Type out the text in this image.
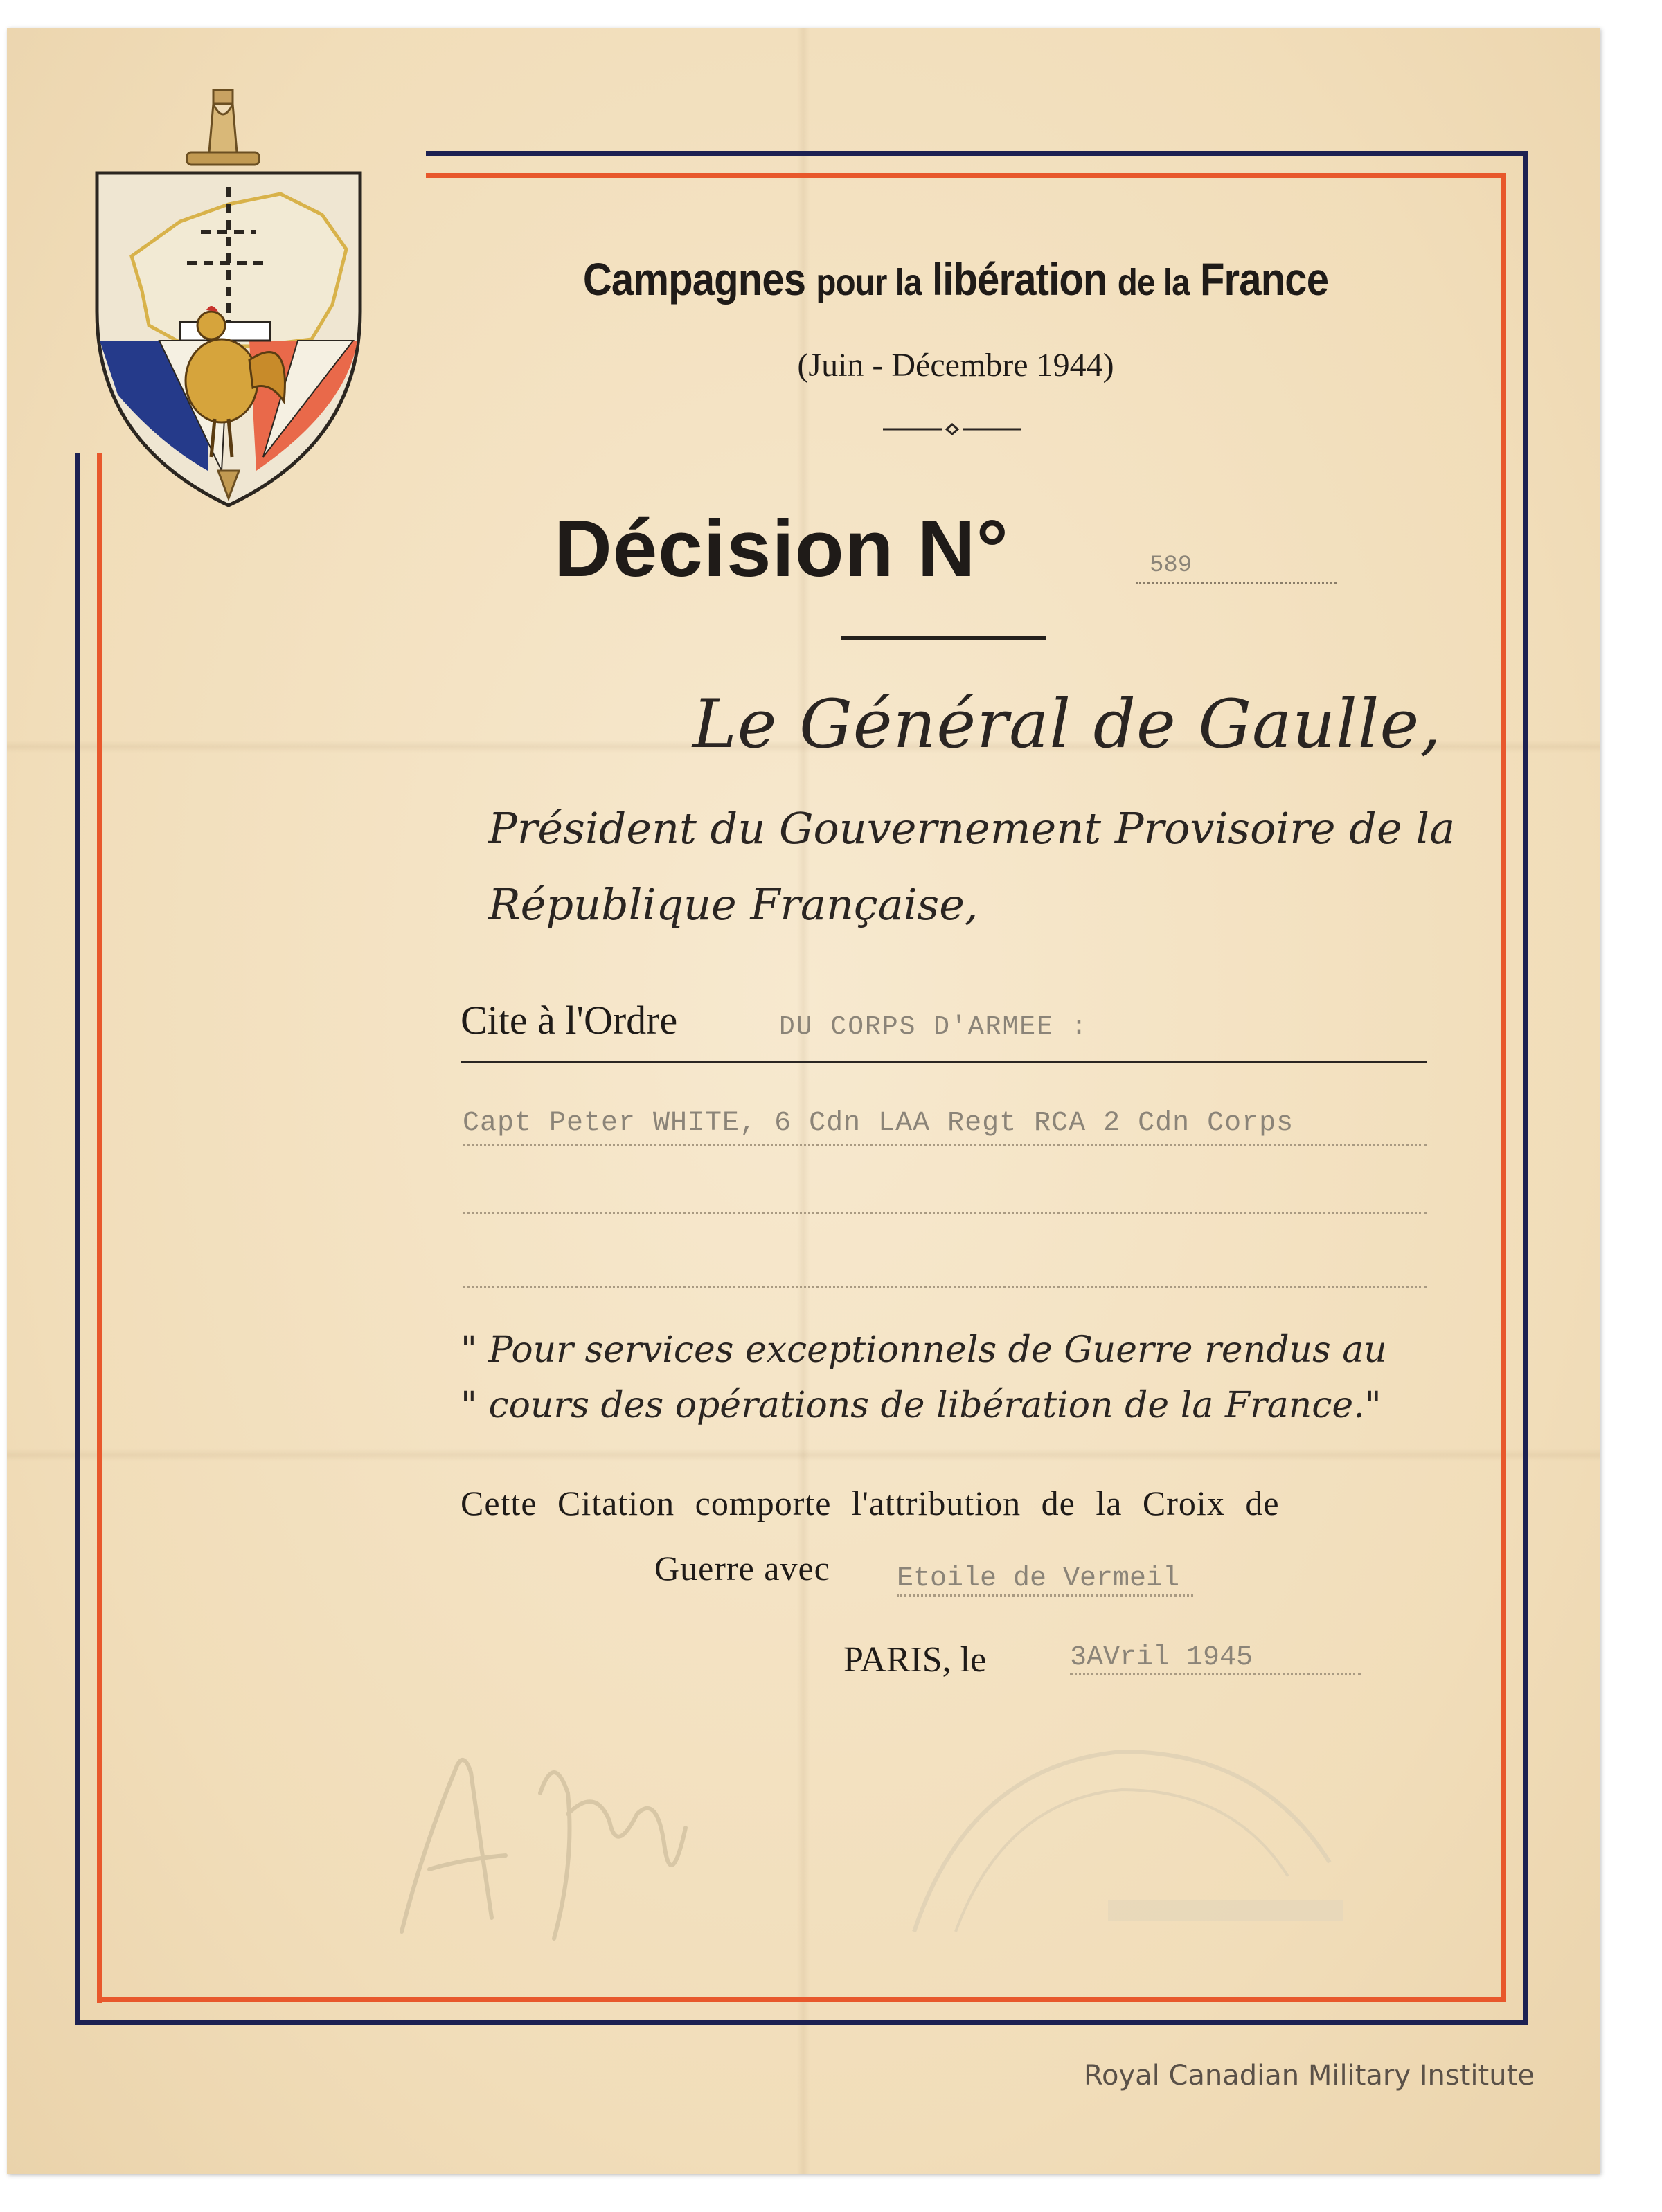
Campagnes pour la libération de la France
(Juin - Décembre 1944)
Décision N°	589
Le Général de Gaulle,
Président du Gouvernement Provisoire de la
République Française,
Cite à l'Ordre	DU CORPS D'ARMEE :
Capt Peter WHITE, 6 Cdn LAA Regt RCA 2 Cdn Corps
" Pour services exceptionnels de Guerre rendus au
" cours des opérations de libération de la France."
Cette Citation comporte l'attribution de la Croix de
Guerre avec	Etoile de Vermeil
PARIS, le	3AVril 1945
Royal Canadian Military Institute
